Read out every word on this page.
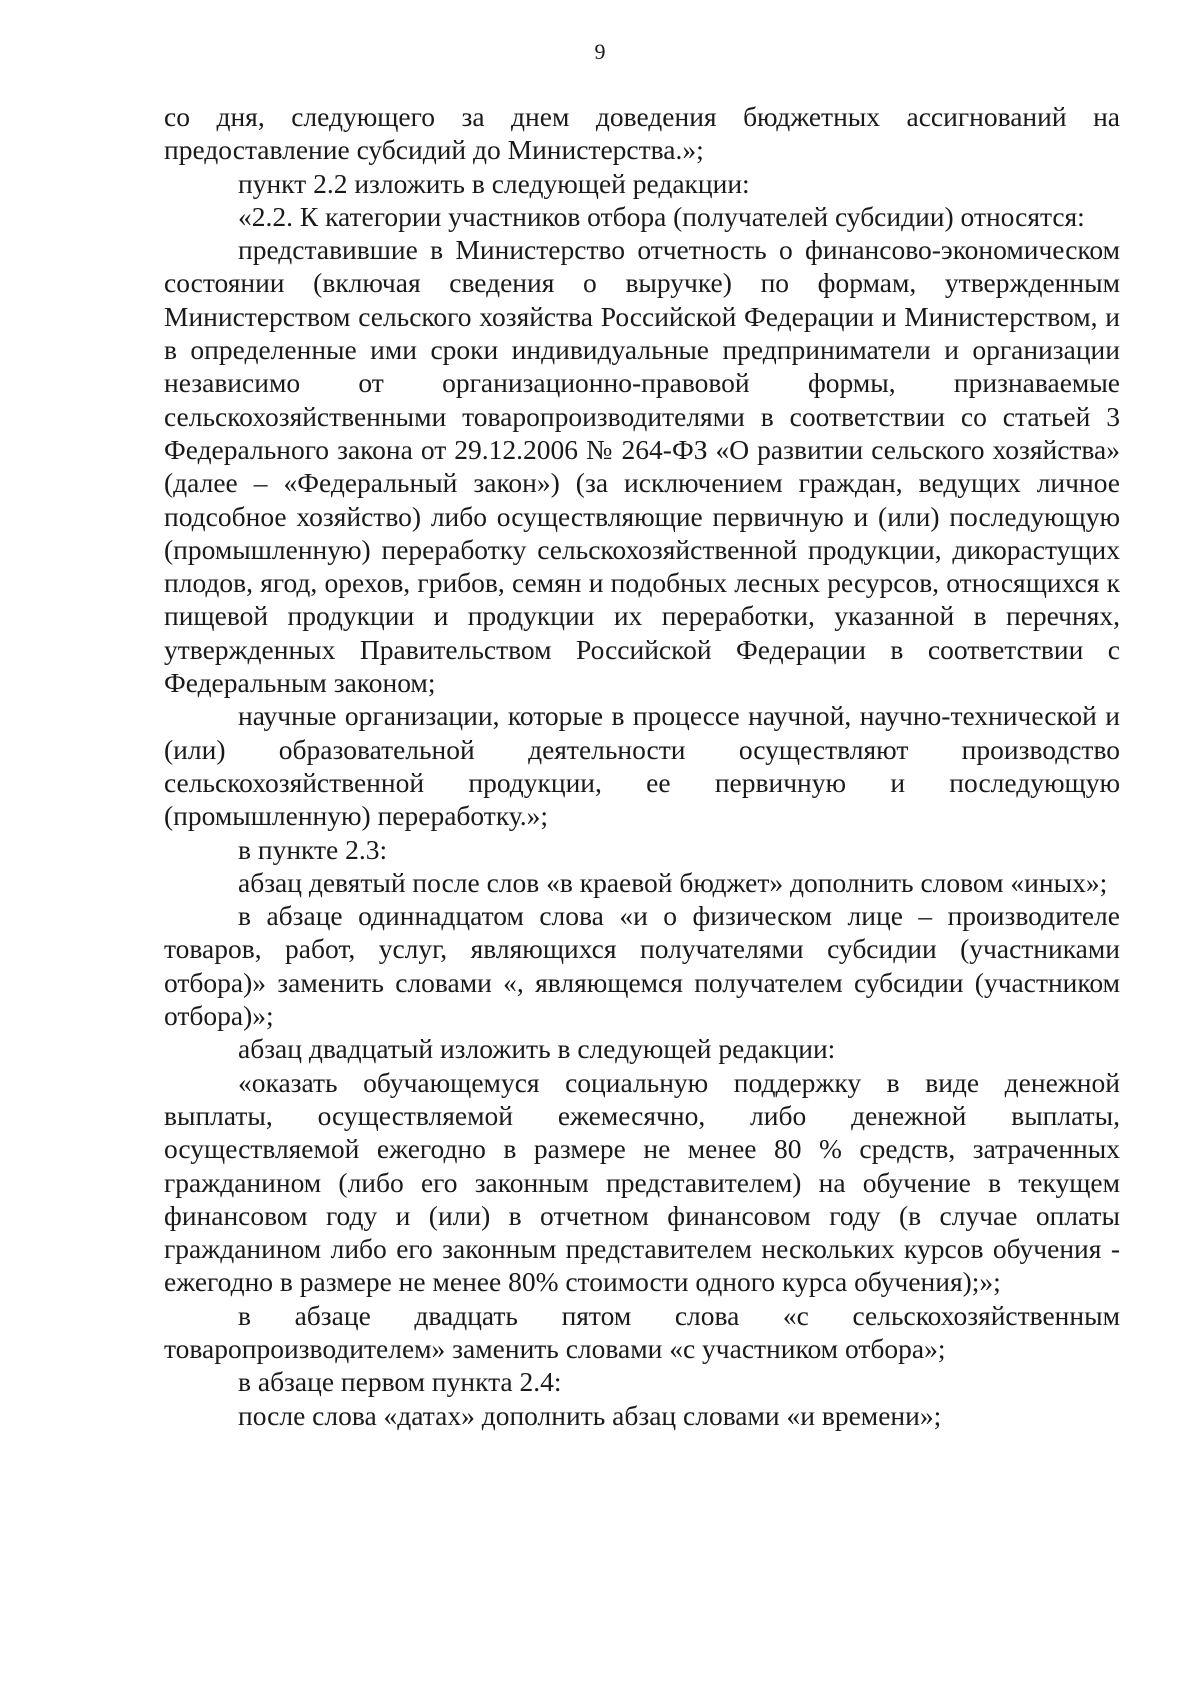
9

со дня, следующего за днем доведения бюджетных ассигнований на предоставление субсидий до Министерства.»;

пункт 2.2 изложить в следующей редакции:

«2.2. К категории участников отбора (получателей субсидии) относятся:

представившие в Министерство отчетность о финансово-экономическом состоянии (включая сведения о выручке) по формам, утвержденным Министерством сельского хозяйства Российской Федерации и Министерством, и в определенные ими сроки индивидуальные предприниматели и организации независимо от организационно-правовой формы, признаваемые сельскохозяйственными товаропроизводителями в соответствии со статьей 3 Федерального закона от 29.12.2006 № 264-ФЗ «О развитии сельского хозяйства» (далее – «Федеральный закон») (за исключением граждан, ведущих личное подсобное хозяйство) либо осуществляющие первичную и (или) последующую (промышленную) переработку сельскохозяйственной продукции, дикорастущих плодов, ягод, орехов, грибов, семян и подобных лесных ресурсов, относящихся к пищевой продукции и продукции их переработки, указанной в перечнях, утвержденных Правительством Российской Федерации в соответствии с Федеральным законом;

научные организации, которые в процессе научной, научно-технической и (или) образовательной деятельности осуществляют производство сельскохозяйственной продукции, ее первичную и последующую (промышленную) переработку.»;

в пункте 2.3:

абзац девятый после слов «в краевой бюджет» дополнить словом «иных»;

в абзаце одиннадцатом слова «и о физическом лице – производителе товаров, работ, услуг, являющихся получателями субсидии (участниками отбора)» заменить словами «, являющемся получателем субсидии (участником отбора)»;

абзац двадцатый изложить в следующей редакции:

«оказать обучающемуся социальную поддержку в виде денежной выплаты, осуществляемой ежемесячно, либо денежной выплаты, осуществляемой ежегодно в размере не менее 80 % средств, затраченных гражданином (либо его законным представителем) на обучение в текущем финансовом году и (или) в отчетном финансовом году (в случае оплаты гражданином либо его законным представителем нескольких курсов обучения - ежегодно в размере не менее 80% стоимости одного курса обучения);»;

в абзаце двадцать пятом слова «с сельскохозяйственным товаропроизводителем» заменить словами «с участником отбора»;

в абзаце первом пункта 2.4:

после слова «датах» дополнить абзац словами «и времени»;
